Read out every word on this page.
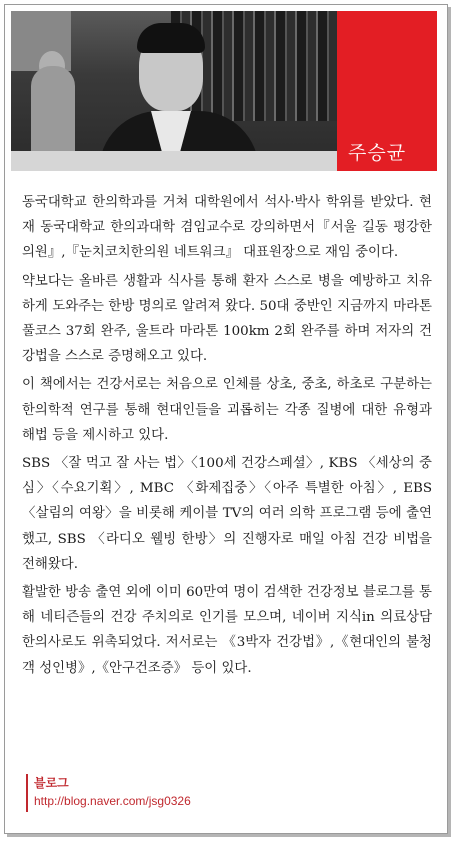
주승균

동국대학교 한의학과를 거쳐 대학원에서 석사·박사 학위를 받았다. 현재 동국대학교 한의과대학 겸임교수로 강의하면서『서울 길동 평강한의원』,『눈치코치한의원 네트워크』 대표원장으로 재임 중이다.

약보다는 올바른 생활과 식사를 통해 환자 스스로 병을 예방하고 치유하게 도와주는 한방 명의로 알려져 왔다. 50대 중반인 지금까지 마라톤 풀코스 37회 완주, 울트라 마라톤 100km 2회 완주를 하며 저자의 건강법을 스스로 증명해오고 있다.

이 책에서는 건강서로는 처음으로 인체를 상초, 중초, 하초로 구분하는 한의학적 연구를 통해 현대인들을 괴롭히는 각종 질병에 대한 유형과 해법 등을 제시하고 있다.

SBS 〈잘 먹고 잘 사는 법〉〈100세 건강스페셜〉, KBS 〈세상의 중심〉〈수요기획〉, MBC 〈화제집중〉〈아주 특별한 아침〉, EBS 〈살림의 여왕〉을 비롯해 케이블 TV의 여러 의학 프로그램 등에 출연했고, SBS 〈라디오 웰빙 한방〉의 진행자로 매일 아침 건강 비법을 전해왔다.

활발한 방송 출연 외에 이미 60만여 명이 검색한 건강정보 블로그를 통해 네티즌들의 건강 주치의로 인기를 모으며, 네이버 지식in 의료상담 한의사로도 위촉되었다. 저서로는 《3박자 건강법》,《현대인의 불청객 성인병》,《안구건조증》 등이 있다.

블로그
http://blog.naver.com/jsg0326
